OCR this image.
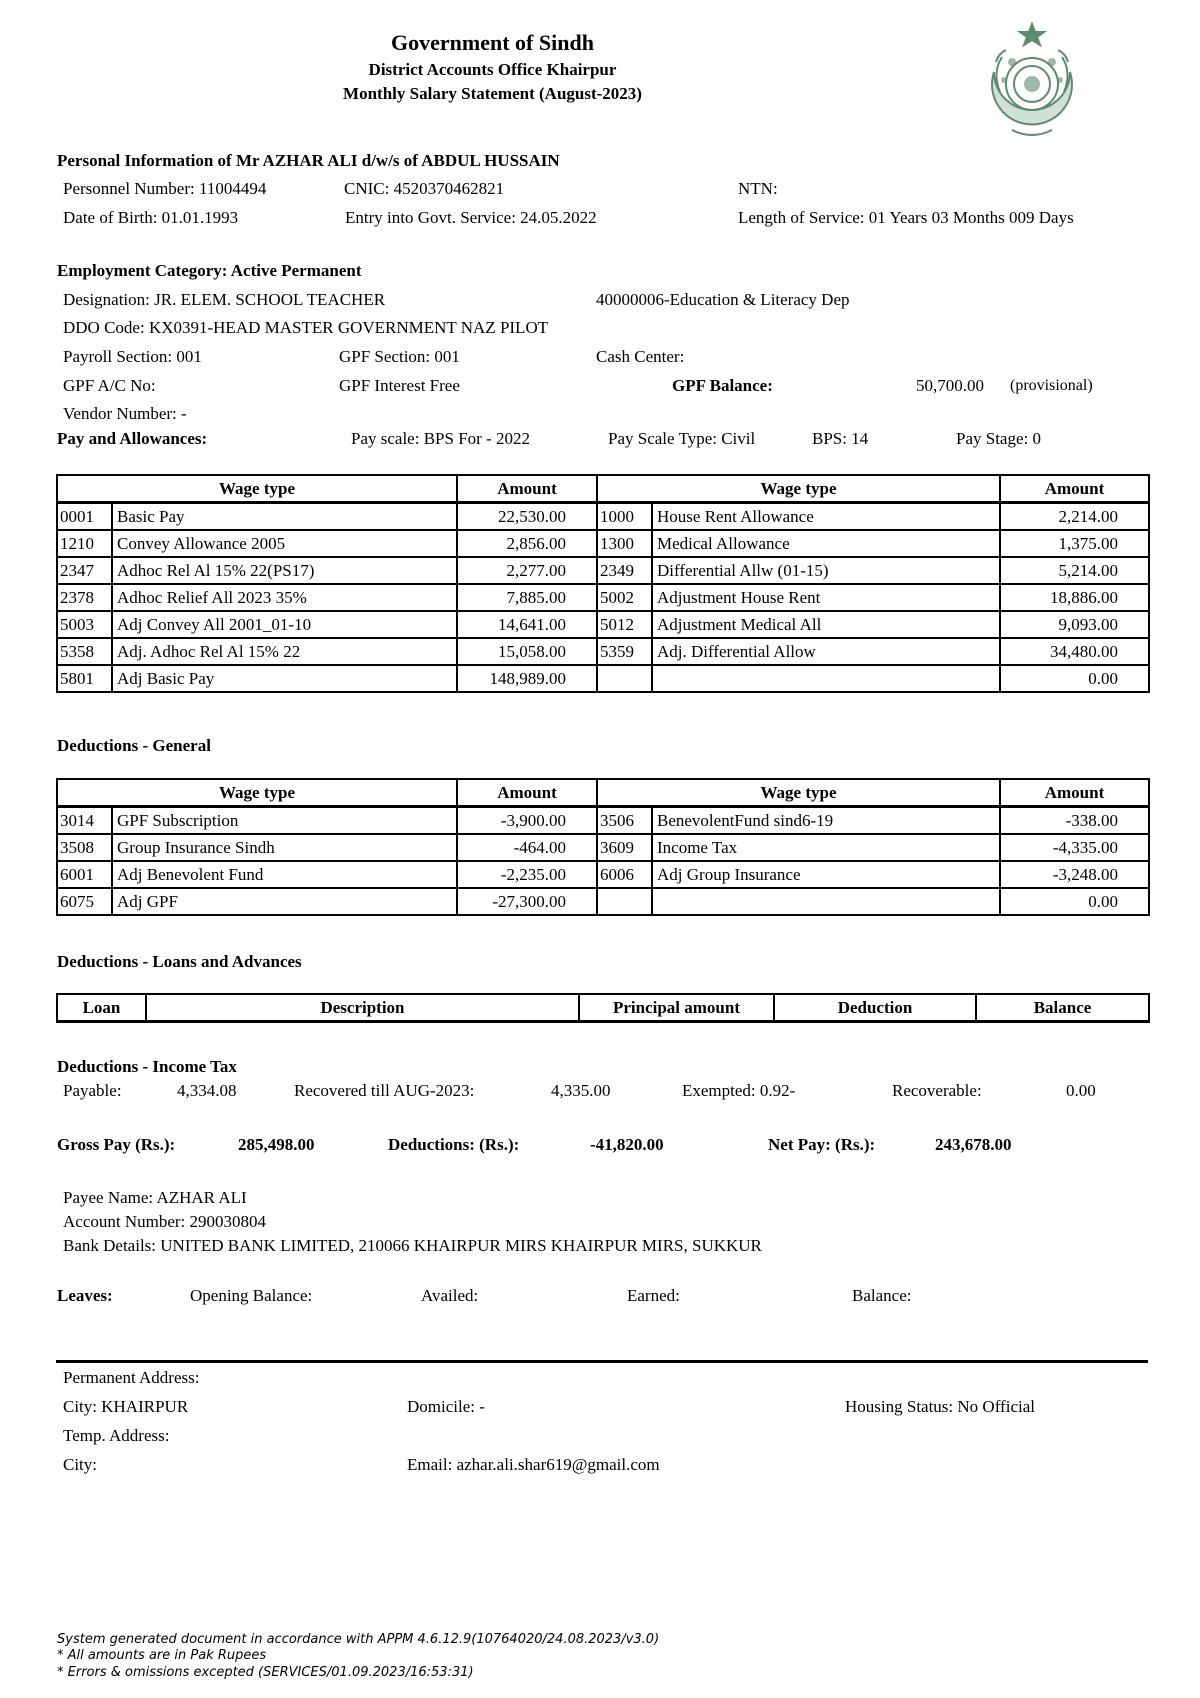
Government of Sindh
District Accounts Office Khairpur
Monthly Salary Statement (August-2023)
Personal Information of Mr AZHAR ALI d/w/s of ABDUL HUSSAIN
Personnel Number: 11004494	CNIC: 4520370462821	NTN:
Date of Birth: 01.01.1993	Entry into Govt. Service: 24.05.2022	Length of Service: 01 Years 03 Months 009 Days
Employment Category: Active Permanent
Designation: JR. ELEM. SCHOOL TEACHER	40000006-Education & Literacy Dep
DDO Code: KX0391-HEAD MASTER GOVERNMENT NAZ PILOT
Payroll Section: 001	GPF Section: 001	Cash Center:
GPF A/C No:	GPF Interest Free	GPF Balance:	50,700.00 (provisional)
Vendor Number: -
Pay and Allowances:	Pay scale: BPS For - 2022	Pay Scale Type: Civil	BPS: 14	Pay Stage: 0
Wage type		Amount	Wage type		Amount
0001	Basic Pay	22,530.00	1000	House Rent Allowance	2,214.00
1210	Convey Allowance 2005	2,856.00	1300	Medical Allowance	1,375.00
2347	Adhoc Rel Al 15% 22(PS17)	2,277.00	2349	Differential Allw (01-15)	5,214.00
2378	Adhoc Relief All 2023 35%	7,885.00	5002	Adjustment House Rent	18,886.00
5003	Adj Convey All 2001_01-10	14,641.00	5012	Adjustment Medical All	9,093.00
5358	Adj. Adhoc Rel Al 15% 22	15,058.00	5359	Adj. Differential Allow	34,480.00
5801	Adj Basic Pay	148,989.00			0.00
Deductions - General
Wage type		Amount	Wage type		Amount
3014	GPF Subscription	-3,900.00	3506	BenevolentFund sind6-19	-338.00
3508	Group Insurance Sindh	-464.00	3609	Income Tax	-4,335.00
6001	Adj Benevolent Fund	-2,235.00	6006	Adj Group Insurance	-3,248.00
6075	Adj GPF	-27,300.00			0.00
Deductions - Loans and Advances
Loan	Description	Principal amount	Deduction	Balance
Deductions - Income Tax
Payable:	4,334.08	Recovered till AUG-2023:	4,335.00	Exempted: 0.92-	Recoverable:	0.00
Gross Pay (Rs.):	285,498.00	Deductions: (Rs.):	-41,820.00	Net Pay: (Rs.):	243,678.00
Payee Name: AZHAR ALI
Account Number: 290030804
Bank Details: UNITED BANK LIMITED, 210066 KHAIRPUR MIRS KHAIRPUR MIRS, SUKKUR
Leaves:	Opening Balance:	Availed:	Earned:	Balance:
Permanent Address:
City: KHAIRPUR	Domicile: -	Housing Status: No Official
Temp. Address:
City:	Email: azhar.ali.shar619@gmail.com
System generated document in accordance with APPM 4.6.12.9(10764020/24.08.2023/v3.0)
* All amounts are in Pak Rupees
* Errors & omissions excepted (SERVICES/01.09.2023/16:53:31)
